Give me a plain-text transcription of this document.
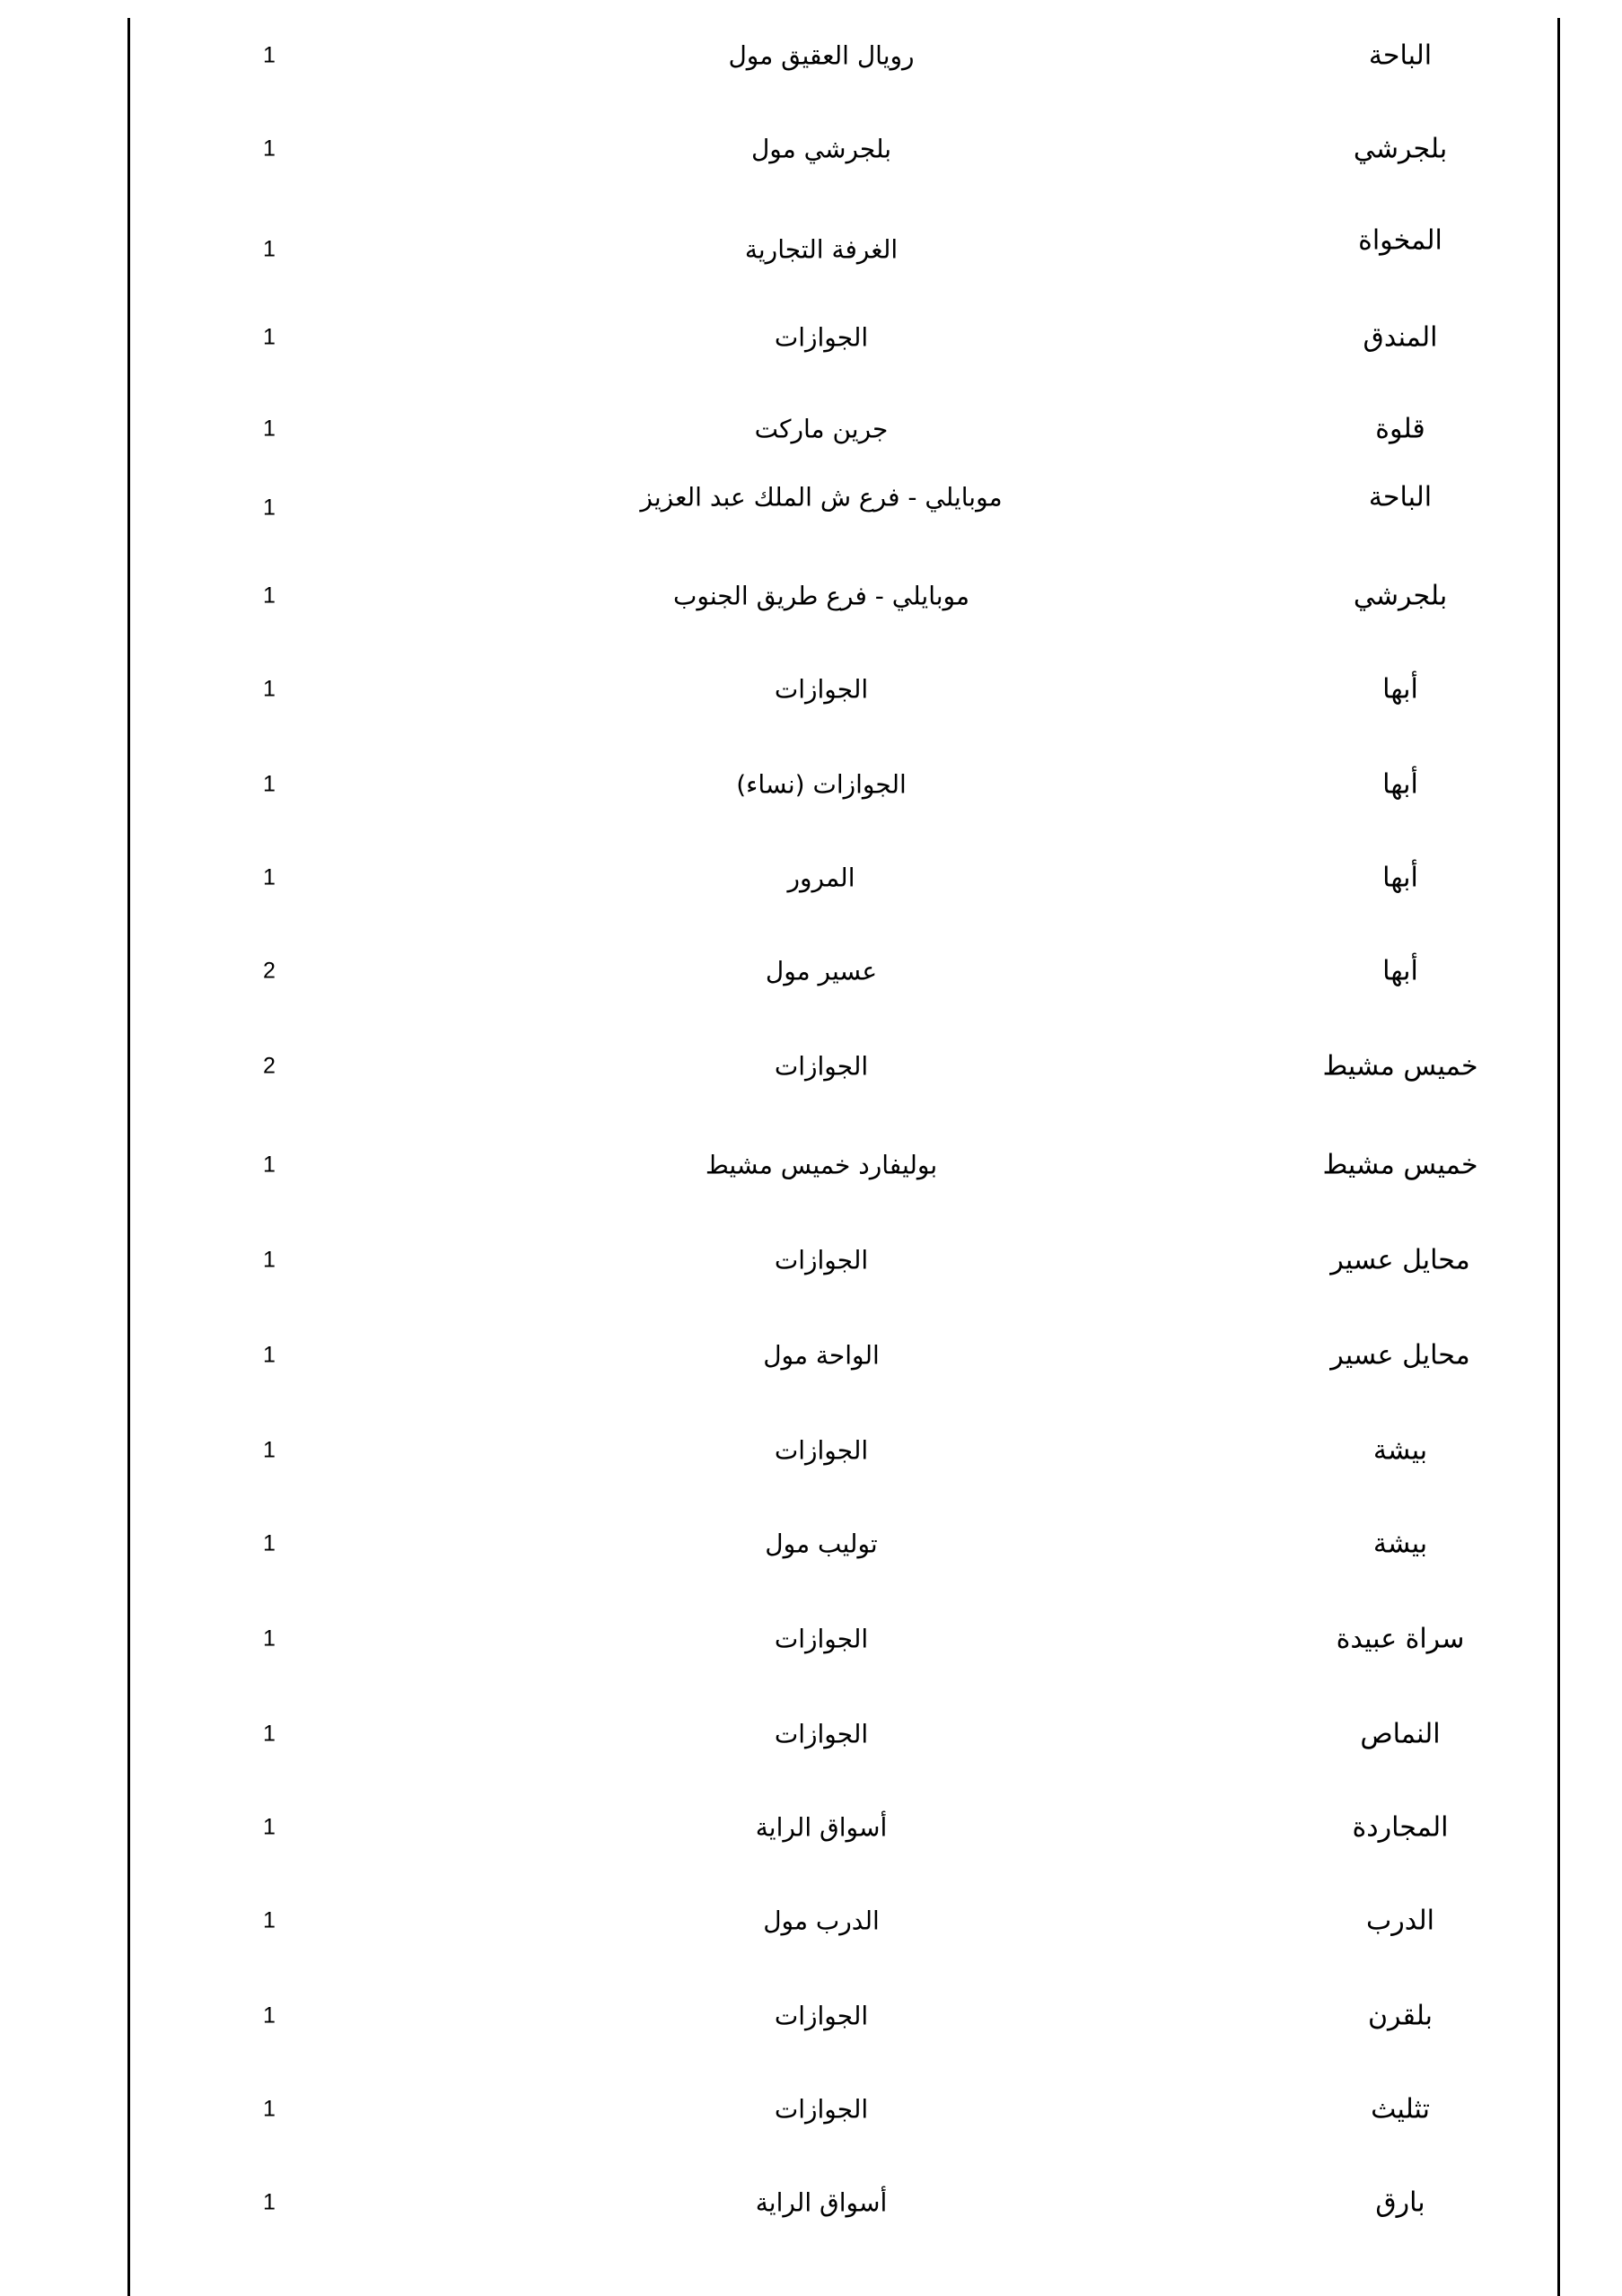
1	رويال العقيق مول	الباحة
1	بلجرشي مول	بلجرشي
1	الغرفة التجارية	المخواة
1	الجوازات	المندق
1	جرين ماركت	قلوة
1	موبايلي - فرع ش الملك عبد العزيز	الباحة
1	موبايلي - فرع طريق الجنوب	بلجرشي
1	الجوازات	أبها
1	الجوازات (نساء)	أبها
1	المرور	أبها
2	عسير مول	أبها
2	الجوازات	خميس مشيط
1	بوليفارد خميس مشيط	خميس مشيط
1	الجوازات	محايل عسير
1	الواحة مول	محايل عسير
1	الجوازات	بيشة
1	توليب مول	بيشة
1	الجوازات	سراة عبيدة
1	الجوازات	النماص
1	أسواق الراية	المجاردة
1	الدرب مول	الدرب
1	الجوازات	بلقرن
1	الجوازات	تثليث
1	أسواق الراية	بارق
